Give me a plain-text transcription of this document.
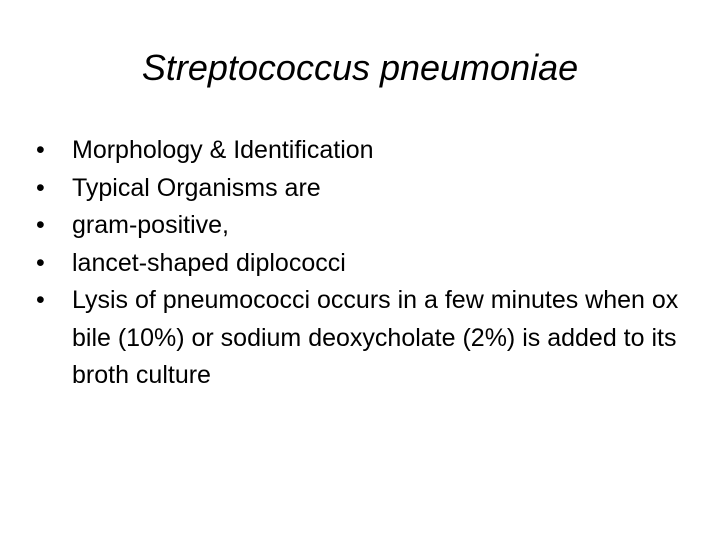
Streptococcus pneumoniae
•	Morphology & Identification
•	Typical Organisms are
•	gram-positive,
•	lancet-shaped diplococci
•	Lysis of pneumococci occurs in a few minutes when ox bile (10%) or sodium deoxycholate (2%) is added to its broth culture
